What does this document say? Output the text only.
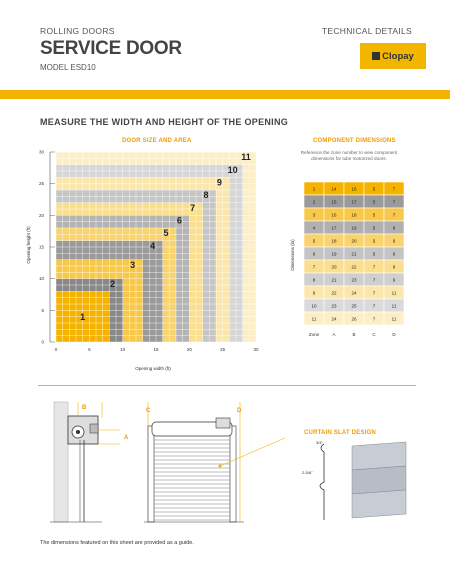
ROLLING DOORS
SERVICE DOOR
MODEL ESD10
TECHNICAL DETAILS
Clopay
MEASURE THE WIDTH AND HEIGHT OF THE OPENING
DOOR SIZE AND AREA
1
2
3
4
5
6
7
8
9
10
11
0	5	10	15	20	25	30
0
5
10
15
20
25
30
Opening width (ft)
Opening height (ft)
COMPONENT DIMENSIONS
Reference the zone number to view component dimensions for tube motorized doors.
1	14	16	5	7
2	15	17	5	7
3	16	18	5	7
4	17	19	5	9
5	18	20	5	9
6	19	21	5	9
7	20	22	7	9
8	21	23	7	9
9	22	24	7	11
10	23	25	7	11
11	24	26	7	11
Zone	A	B	C	D
Dimensions (in)
B
A
C	D
CURTAIN SLAT DESIGN
3/4"
2-5/8"
The dimensions featured on this sheet are provided as a guide.
